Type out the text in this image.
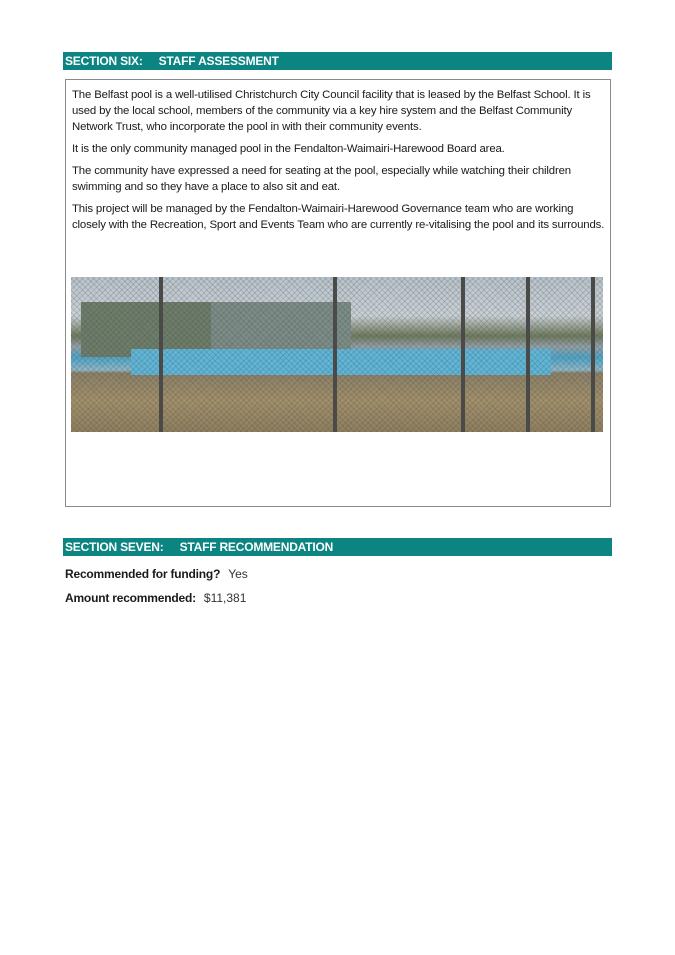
SECTION SIX: STAFF ASSESSMENT

The Belfast pool is a well-utilised Christchurch City Council facility that is leased by the Belfast School. It is used by the local school, members of the community via a key hire system and the Belfast Community Network Trust, who incorporate the pool in with their community events.

It is the only community managed pool in the Fendalton-Waimairi-Harewood Board area.

The community have expressed a need for seating at the pool, especially while watching their children swimming and so they have a place to also sit and eat.

This project will be managed by the Fendalton-Waimairi-Harewood Governance team who are working closely with the Recreation, Sport and Events Team who are currently re-vitalising the pool and its surrounds.

SECTION SEVEN: STAFF RECOMMENDATION
Recommended for funding? Yes
Amount recommended: $11,381
